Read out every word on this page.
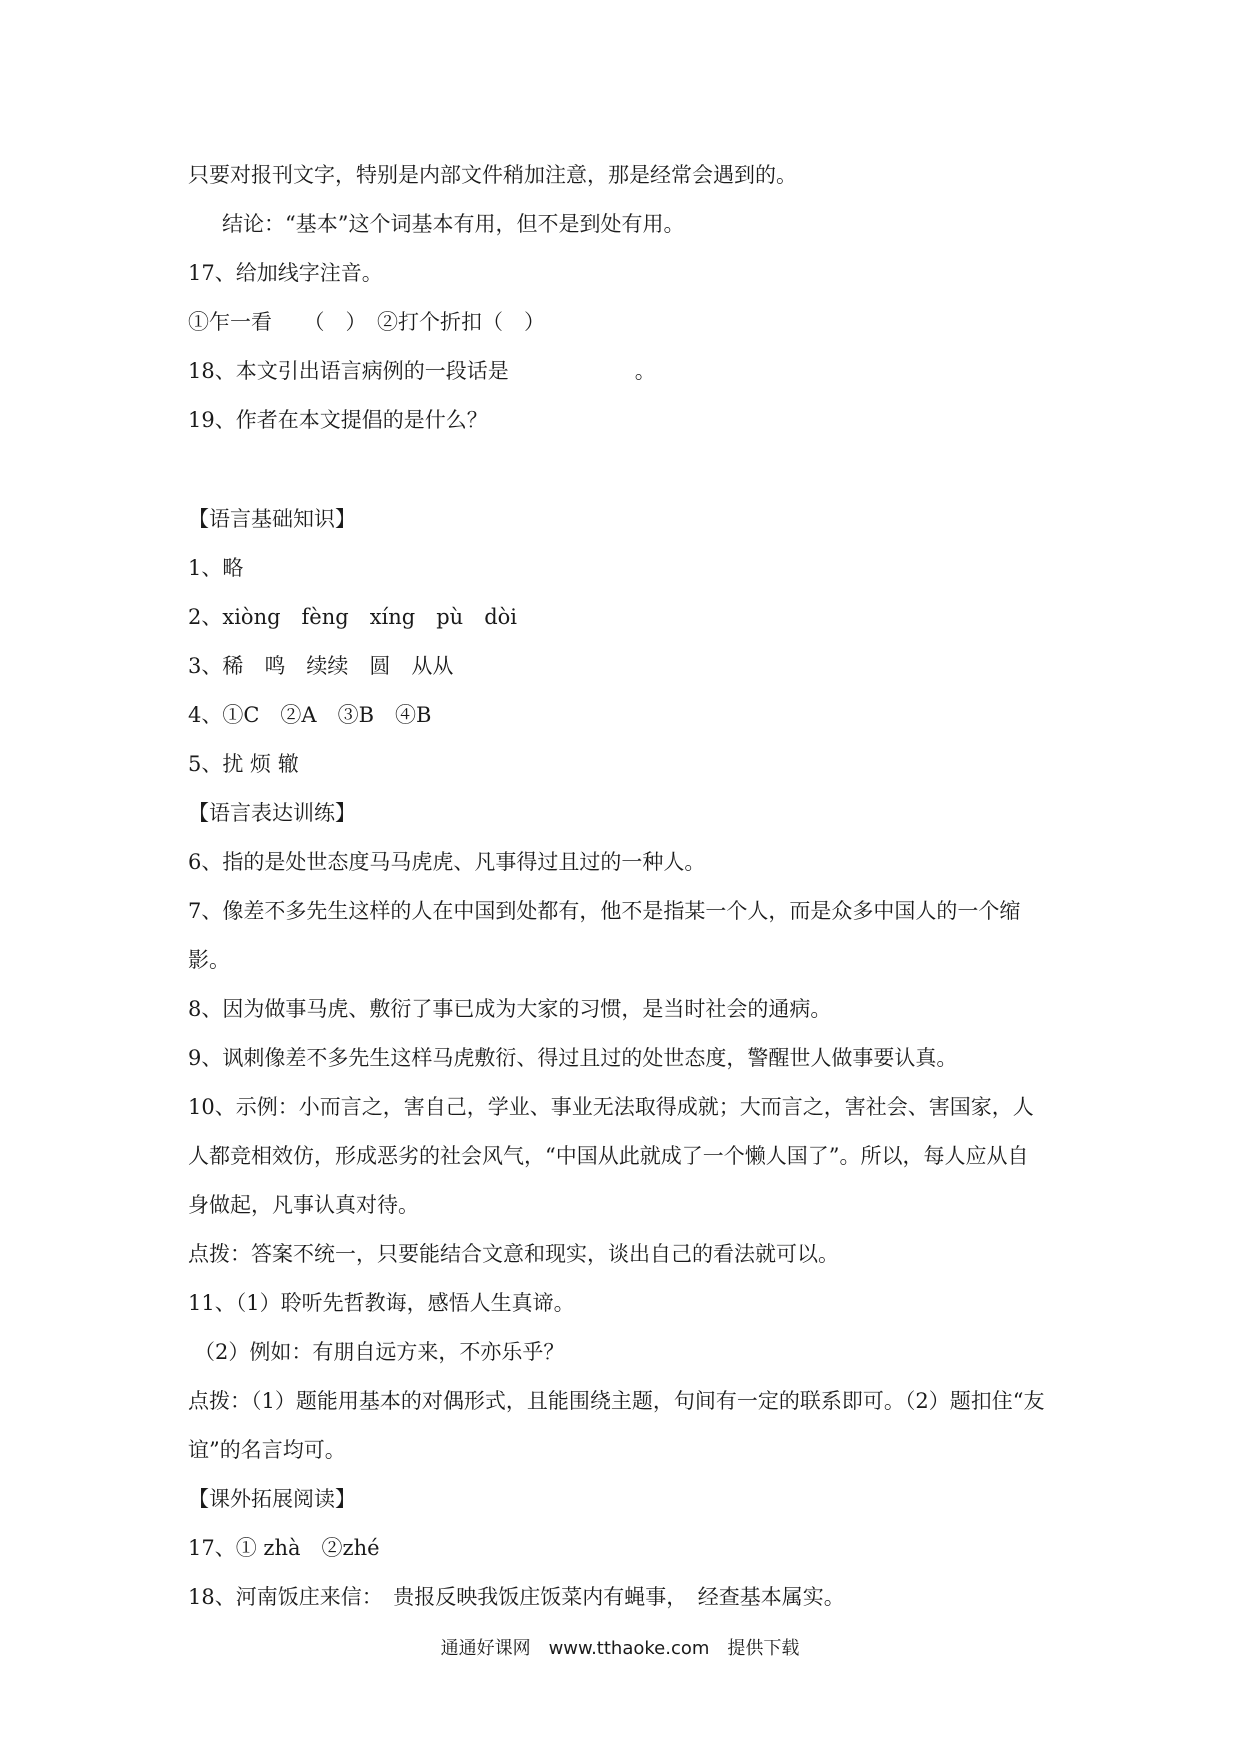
只要对报刊文字，特别是内部文件稍加注意，那是经常会遇到的。
结论：“基本”这个词基本有用，但不是到处有用。
17、给加线字注音。
①乍一看　　（　）　②打个折扣（　）
18、本文引出语言病例的一段话是　　　　　　。
19、作者在本文提倡的是什么？
【语言基础知识】
1、略
2、xiòng　fèng　xíng　pù　dòi
3、稀　鸣　续续　圆　从从
4、①C　②A　③B　④B
5、扰 烦 辙
【语言表达训练】
6、指的是处世态度马马虎虎、凡事得过且过的一种人。
7、像差不多先生这样的人在中国到处都有，他不是指某一个人，而是众多中国人的一个缩
影。
8、因为做事马虎、敷衍了事已成为大家的习惯，是当时社会的通病。
9、讽刺像差不多先生这样马虎敷衍、得过且过的处世态度，警醒世人做事要认真。
10、示例：小而言之，害自己，学业、事业无法取得成就；大而言之，害社会、害国家，人
人都竞相效仿，形成恶劣的社会风气，“中国从此就成了一个懒人国了”。所以，每人应从自
身做起，凡事认真对待。
点拨：答案不统一，只要能结合文意和现实，谈出自己的看法就可以。
11、（1）聆听先哲教诲，感悟人生真谛。
（2）例如：有朋自远方来，不亦乐乎？
点拨：（1）题能用基本的对偶形式，且能围绕主题，句间有一定的联系即可。（2）题扣住“友
谊”的名言均可。
【课外拓展阅读】
17、① zhà　②zhé
18、河南饭庄来信：　贵报反映我饭庄饭菜内有蝇事，　经查基本属实。
通通好课网　www.tthaoke.com　提供下载
